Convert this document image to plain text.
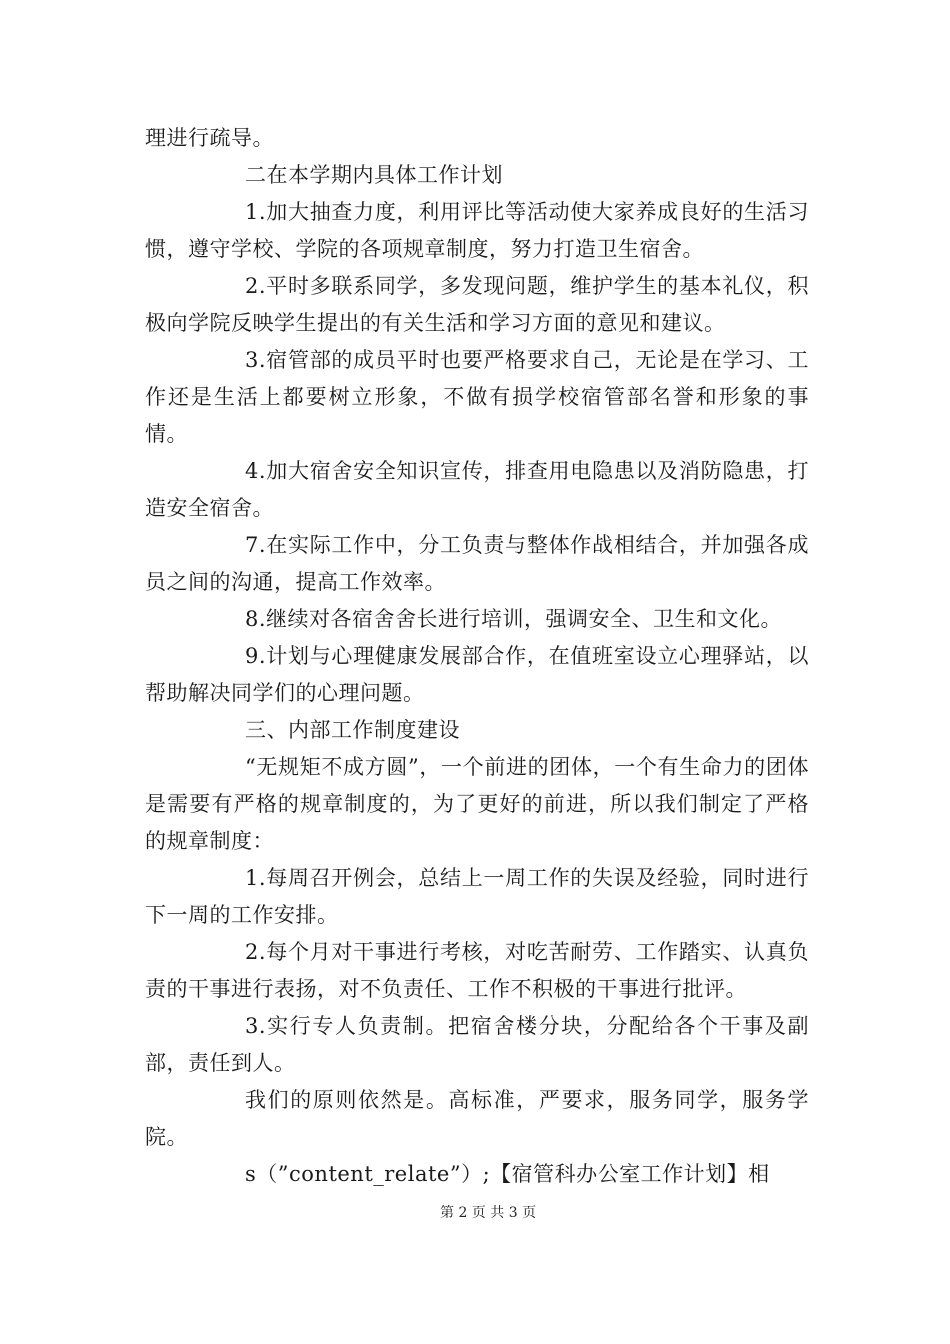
理进行疏导。

二在本学期内具体工作计划

1.加大抽查力度，利用评比等活动使大家养成良好的生活习惯，遵守学校、学院的各项规章制度，努力打造卫生宿舍。

2.平时多联系同学，多发现问题，维护学生的基本礼仪，积极向学院反映学生提出的有关生活和学习方面的意见和建议。

3.宿管部的成员平时也要严格要求自己，无论是在学习、工作还是生活上都要树立形象，不做有损学校宿管部名誉和形象的事情。

4.加大宿舍安全知识宣传，排查用电隐患以及消防隐患，打造安全宿舍。

7.在实际工作中，分工负责与整体作战相结合，并加强各成员之间的沟通，提高工作效率。

8.继续对各宿舍舍长进行培训，强调安全、卫生和文化。

9.计划与心理健康发展部合作，在值班室设立心理驿站，以帮助解决同学们的心理问题。

三、内部工作制度建设

“无规矩不成方圆”，一个前进的团体，一个有生命力的团体是需要有严格的规章制度的，为了更好的前进，所以我们制定了严格的规章制度：

1.每周召开例会，总结上一周工作的失误及经验，同时进行下一周的工作安排。

2.每个月对干事进行考核，对吃苦耐劳、工作踏实、认真负责的干事进行表扬，对不负责任、工作不积极的干事进行批评。

3.实行专人负责制。把宿舍楼分块，分配给各个干事及副部，责任到人。

我们的原则依然是。高标准，严要求，服务同学，服务学院。

s（”content_relate”）;【宿管科办公室工作计划】相

第 2 页 共 3 页
